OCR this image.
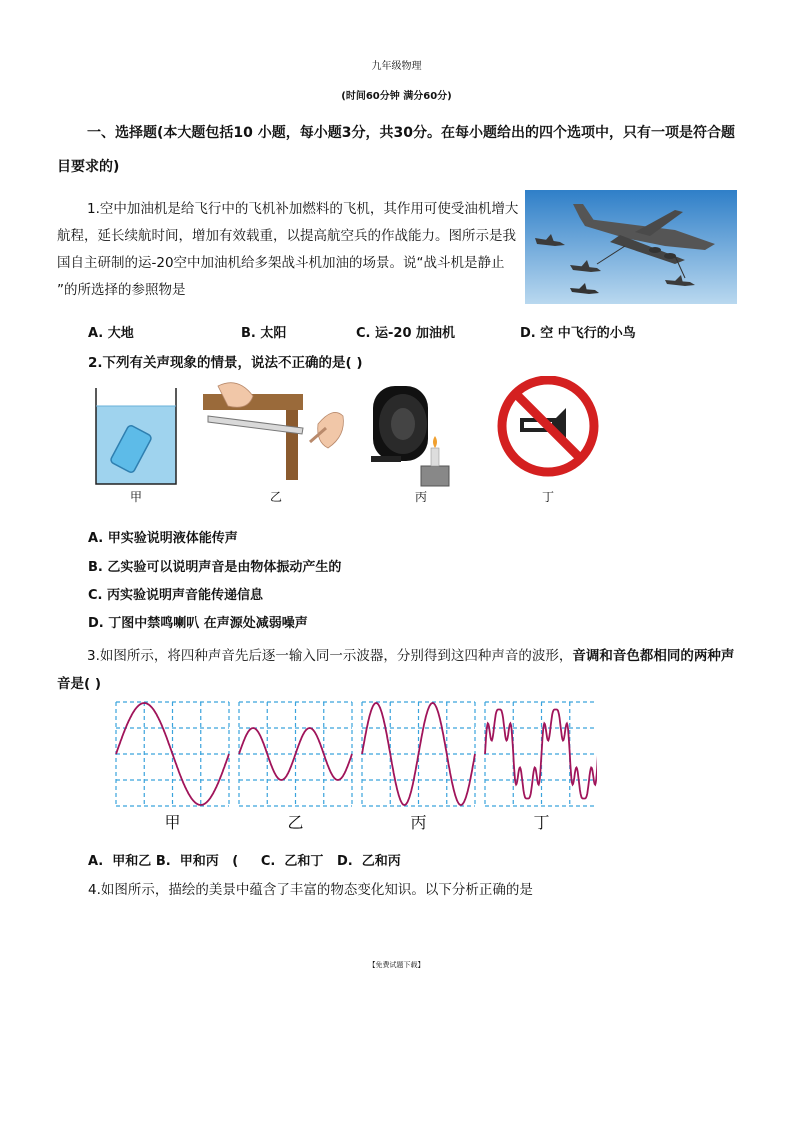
九年级物理
(时间60分钟 满分60分)
一、选择题(本大题包括10 小题，每小题3分，共30分。在每小题给出的四个选项中，只有一项是符合题目要求的)
1.空中加油机是给飞行中的飞机补加燃料的飞机，其作用可使受油机增大航程，延长续航时间，增加有效载重，以提高航空兵的作战能力。图所示是我国自主研制的运-20空中加油机给多架战斗机加油的场景。说“战斗机是静止 ”的所选择的参照物是
A. 大地	B. 太阳	C. 运-20 加油机	D. 空 中飞行的小鸟
2.下列有关声现象的情景，说法不正确的是( )
甲	乙	丙	丁
A. 甲实验说明液体能传声
B. 乙实验可以说明声音是由物体振动产生的
C. 丙实验说明声音能传递信息
D. 丁图中禁鸣喇叭 在声源处减弱噪声
3.如图所示，将四种声音先后逐一输入同一示波器，分别得到这四种声音的波形，音调和音色都相同的两种声音是( )
甲	乙	丙	丁
A.  甲和乙 B.  甲和丙   (     C.  乙和丁   D.  乙和丙
4.如图所示，描绘的美景中蕴含了丰富的物态变化知识。以下分析正确的是
【免费试题下载】
